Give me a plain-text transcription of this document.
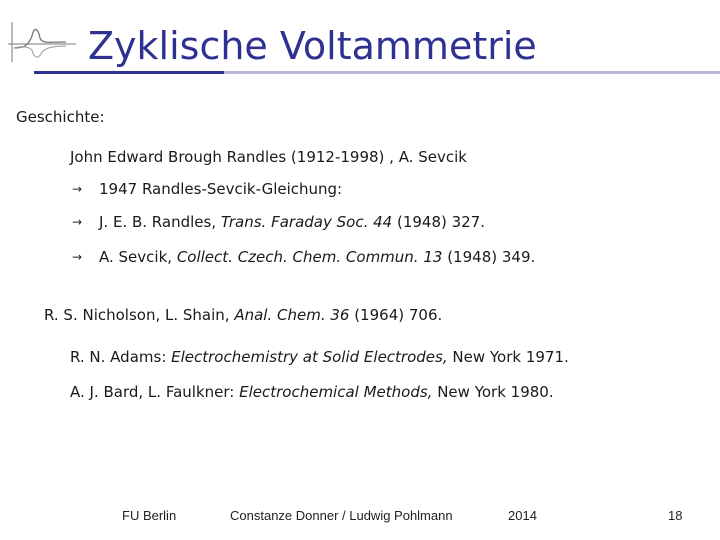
Zyklische Voltammetrie
Geschichte:
John Edward Brough Randles (1912-1998) , A. Sevcik
→ 1947 Randles-Sevcik-Gleichung:
→ J. E. B. Randles, Trans. Faraday Soc. 44 (1948) 327.
→ A. Sevcik, Collect. Czech. Chem. Commun. 13 (1948) 349.
R. S. Nicholson, L. Shain, Anal. Chem. 36 (1964) 706.
R. N. Adams: Electrochemistry at Solid Electrodes, New York 1971.
A. J. Bard, L. Faulkner: Electrochemical Methods, New York 1980.
FU Berlin	Constanze Donner / Ludwig Pohlmann	2014	18
